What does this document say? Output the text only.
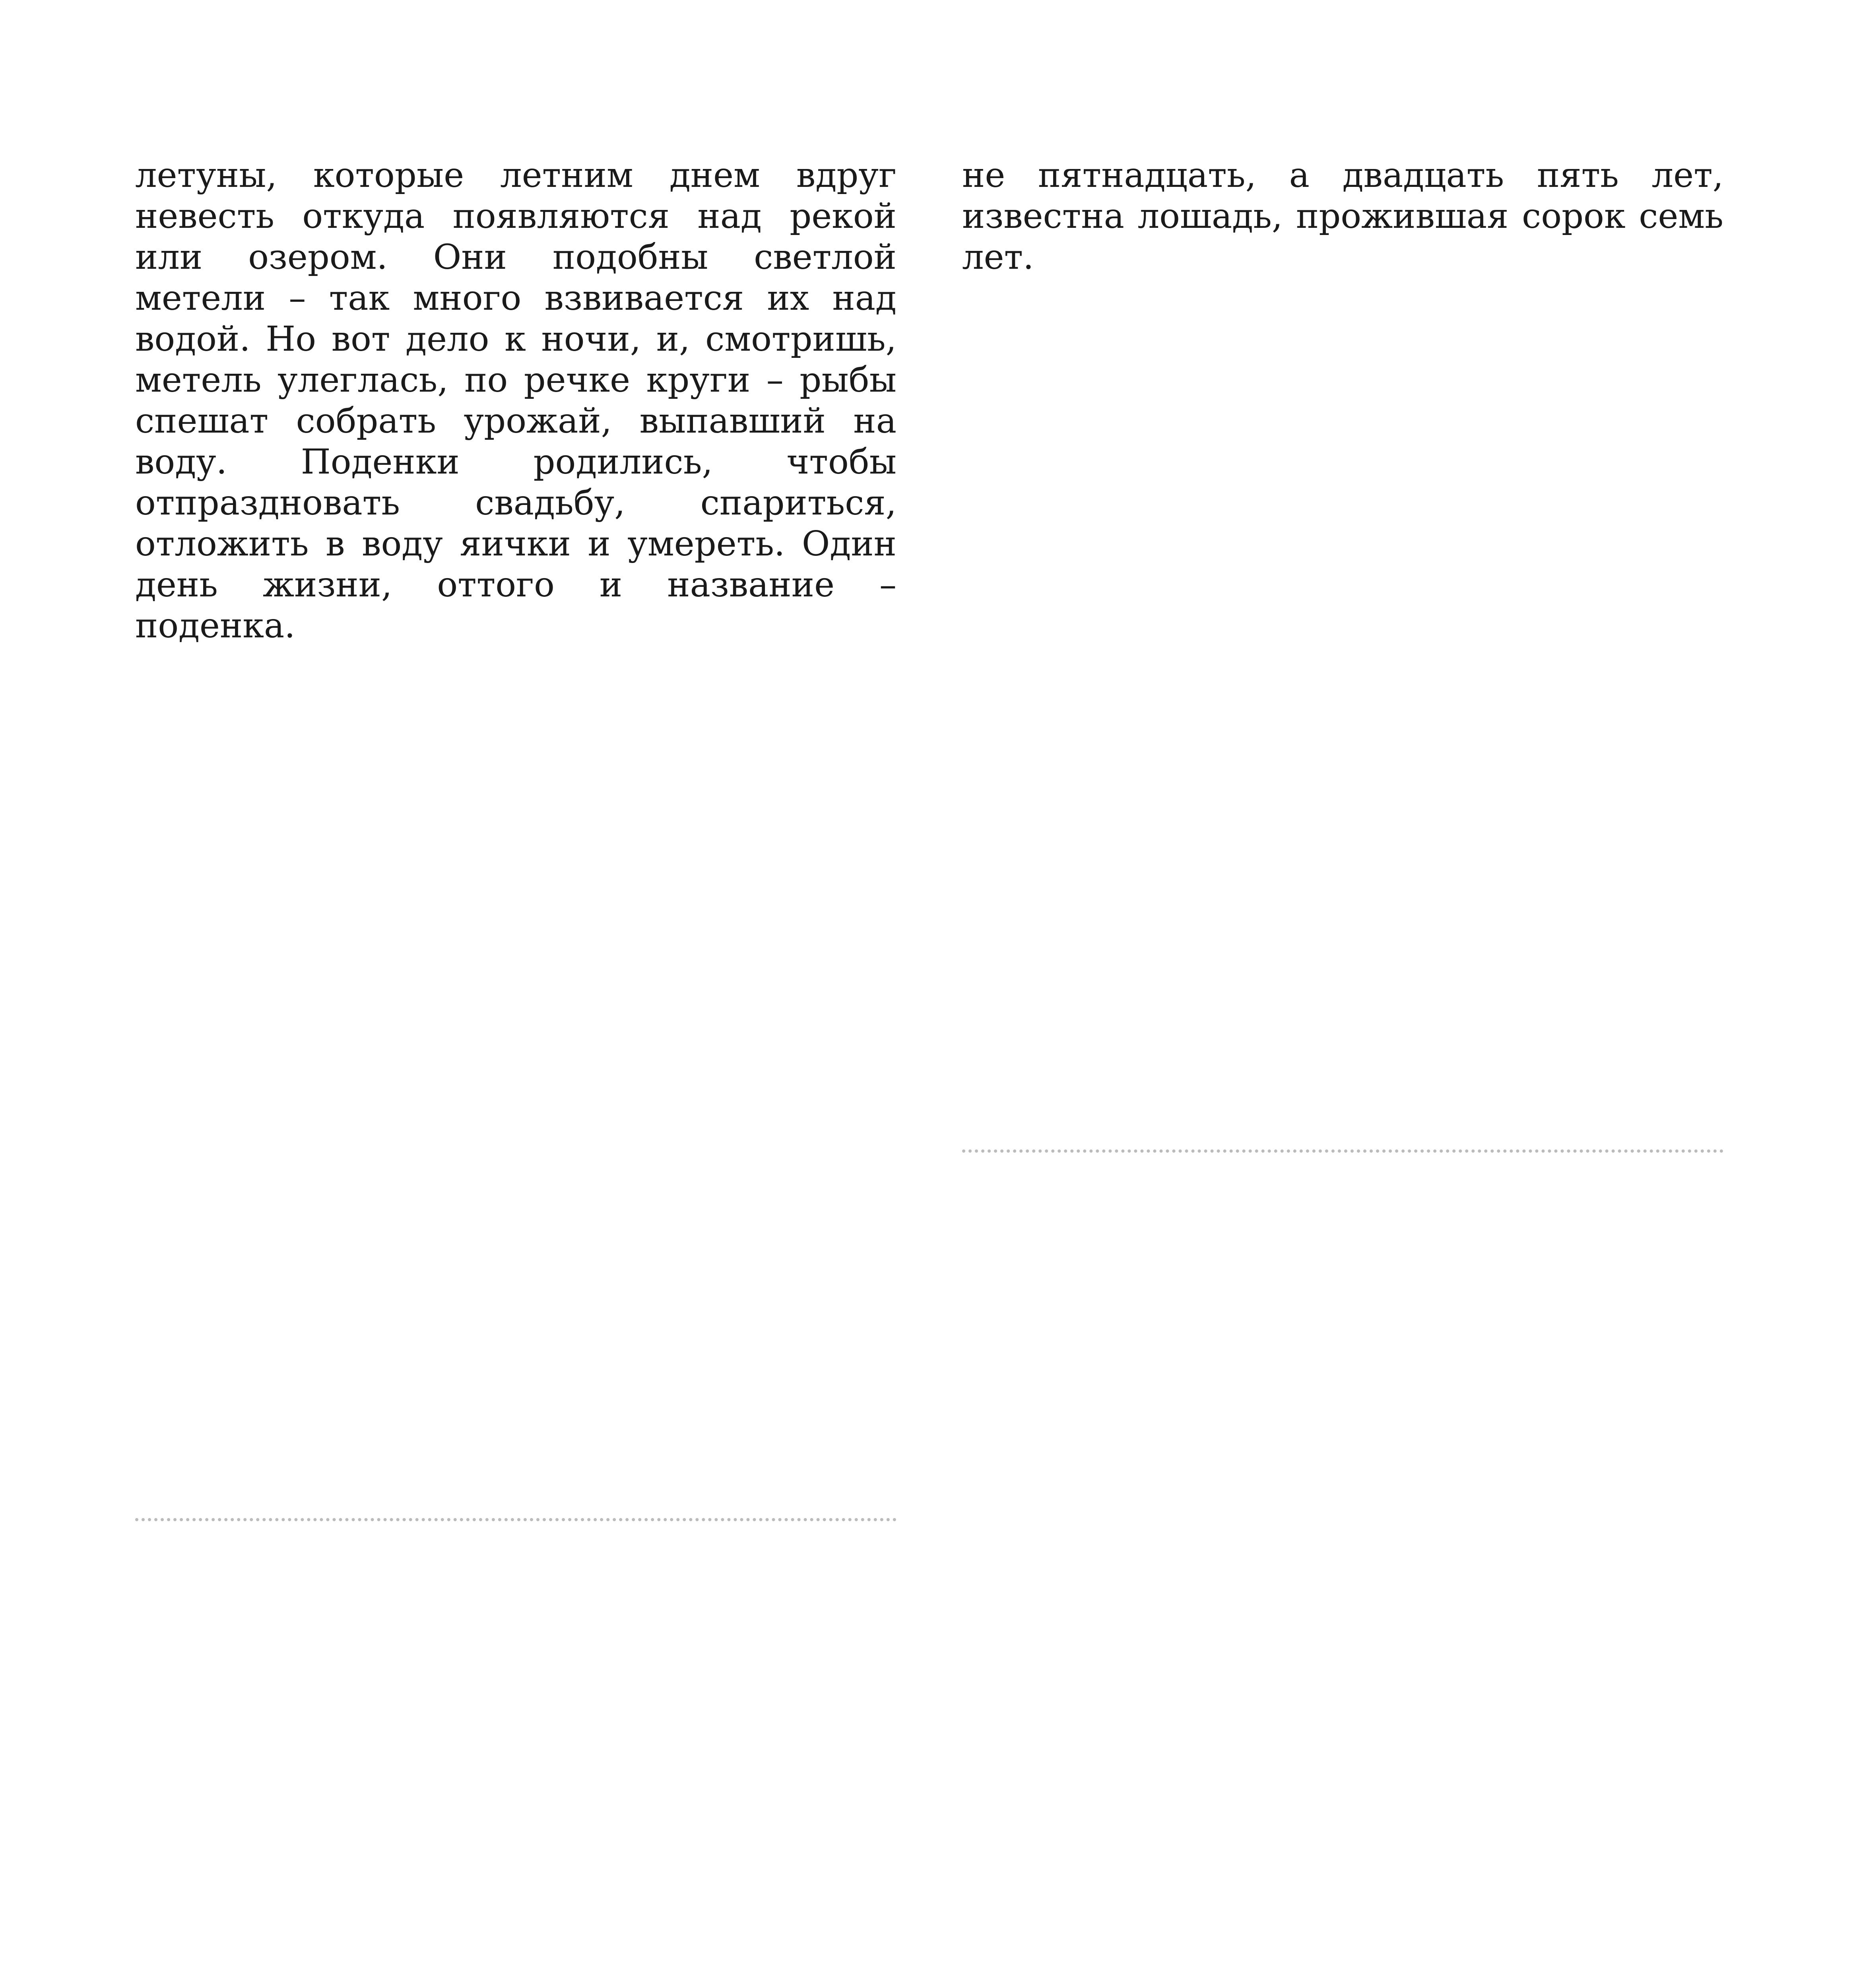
летуны, которые летним днем вдруг невесть откуда появляются над рекой или озером. Они подобны светлой метели – так много взвивается их над водой. Но вот дело к ночи, и, смотришь, метель улеглась, по речке круги – рыбы спешат собрать урожай, выпавший на воду. Поденки родились, чтобы отпраздновать свадьбу, спариться, отложить в воду яички и умереть. Один день жизни, оттого и название – поденка.

не пятнадцать, а двадцать пять лет, известна лошадь, прожившая сорок семь лет.
